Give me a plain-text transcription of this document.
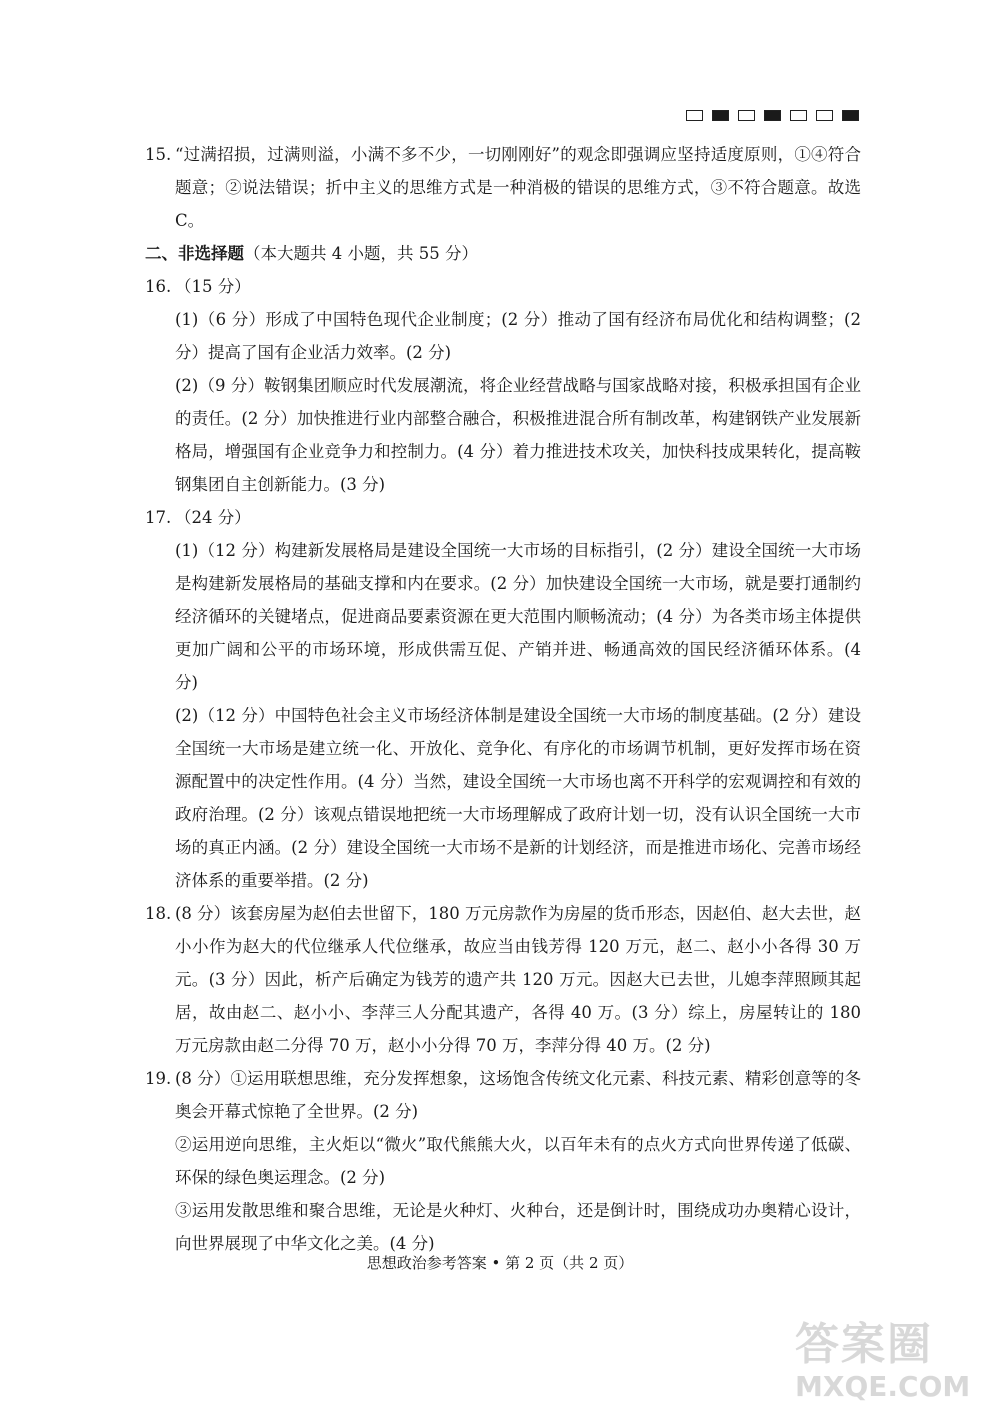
15. “过满招损，过满则溢，小满不多不少，一切刚刚好”的观念即强调应坚持适度原则，①④符合题意；②说法错误；折中主义的思维方式是一种消极的错误的思维方式，③不符合题意。故选 C。
二、非选择题（本大题共 4 小题，共 55 分）
16. （15 分）
(1)（6 分）形成了中国特色现代企业制度；(2 分）推动了国有经济布局优化和结构调整；(2 分）提高了国有企业活力效率。(2 分)
(2)（9 分）鞍钢集团顺应时代发展潮流，将企业经营战略与国家战略对接，积极承担国有企业的责任。(2 分）加快推进行业内部整合融合，积极推进混合所有制改革，构建钢铁产业发展新格局，增强国有企业竞争力和控制力。(4 分）着力推进技术攻关，加快科技成果转化，提高鞍钢集团自主创新能力。(3 分)
17. （24 分）
(1)（12 分）构建新发展格局是建设全国统一大市场的目标指引，(2 分）建设全国统一大市场是构建新发展格局的基础支撑和内在要求。(2 分）加快建设全国统一大市场，就是要打通制约经济循环的关键堵点，促进商品要素资源在更大范围内顺畅流动；(4 分）为各类市场主体提供更加广阔和公平的市场环境，形成供需互促、产销并进、畅通高效的国民经济循环体系。(4 分)
(2)（12 分）中国特色社会主义市场经济体制是建设全国统一大市场的制度基础。(2 分）建设全国统一大市场是建立统一化、开放化、竞争化、有序化的市场调节机制，更好发挥市场在资源配置中的决定性作用。(4 分）当然，建设全国统一大市场也离不开科学的宏观调控和有效的政府治理。(2 分）该观点错误地把统一大市场理解成了政府计划一切，没有认识全国统一大市场的真正内涵。(2 分）建设全国统一大市场不是新的计划经济，而是推进市场化、完善市场经济体系的重要举措。(2 分)
18. (8 分）该套房屋为赵伯去世留下，180 万元房款作为房屋的货币形态，因赵伯、赵大去世，赵小小作为赵大的代位继承人代位继承，故应当由钱芳得 120 万元，赵二、赵小小各得 30 万元。(3 分）因此，析产后确定为钱芳的遗产共 120 万元。因赵大已去世，儿媳李萍照顾其起居，故由赵二、赵小小、李萍三人分配其遗产，各得 40 万。(3 分）综上，房屋转让的 180 万元房款由赵二分得 70 万，赵小小分得 70 万，李萍分得 40 万。(2 分)
19. (8 分）①运用联想思维，充分发挥想象，这场饱含传统文化元素、科技元素、精彩创意等的冬奥会开幕式惊艳了全世界。(2 分)
②运用逆向思维，主火炬以“微火”取代熊熊大火，以百年未有的点火方式向世界传递了低碳、环保的绿色奥运理念。(2 分)
③运用发散思维和聚合思维，无论是火种灯、火种台，还是倒计时，围绕成功办奥精心设计，向世界展现了中华文化之美。(4 分)
思想政治参考答案 • 第 2 页（共 2 页）
答案圈
MXQE.COM
